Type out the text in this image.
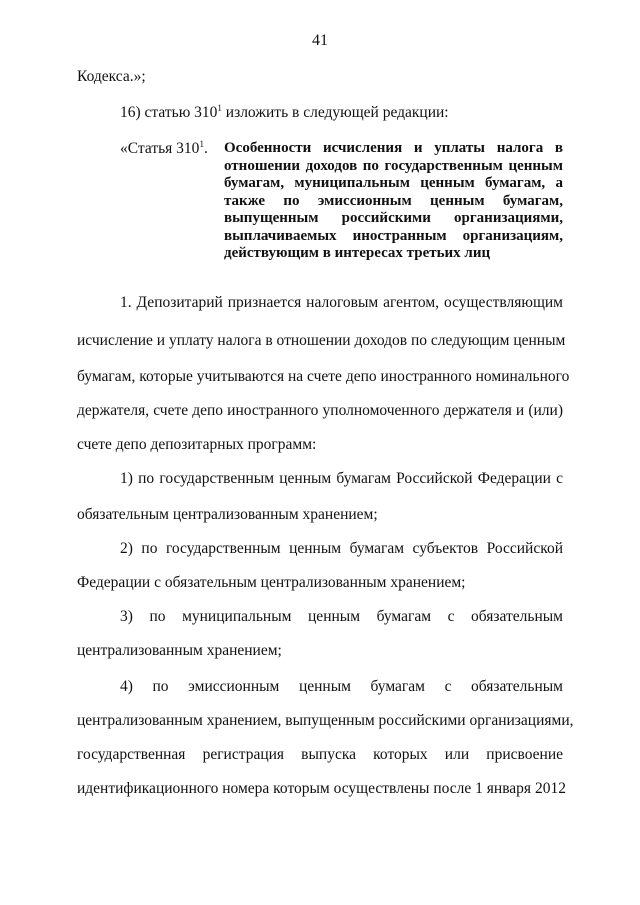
41
Кодекса.»;
16) статью $310^1$ изложить в следующей редакции:
«Статья $310^1$.	Особенности исчисления и уплаты налога в
отношении доходов по государственным ценным
бумагам, муниципальным ценным бумагам, а
также по эмиссионным ценным бумагам,
выпущенным российскими организациями,
выплачиваемых иностранным организациям,
действующим в интересах третьих лиц
1. Депозитарий признается налоговым агентом, осуществляющим
исчисление и уплату налога в отношении доходов по следующим ценным
бумагам, которые учитываются на счете депо иностранного номинального
держателя, счете депо иностранного уполномоченного держателя и (или)
счете депо депозитарных программ:
1) по государственным ценным бумагам Российской Федерации с
обязательным централизованным хранением;
2) по государственным ценным бумагам субъектов Российской
Федерации с обязательным централизованным хранением;
3) по муниципальным ценным бумагам с обязательным
централизованным хранением;
4) по эмиссионным ценным бумагам с обязательным
централизованным хранением, выпущенным российскими организациями,
государственная регистрация выпуска которых или присвоение
идентификационного номера которым осуществлены после 1 января 2012
